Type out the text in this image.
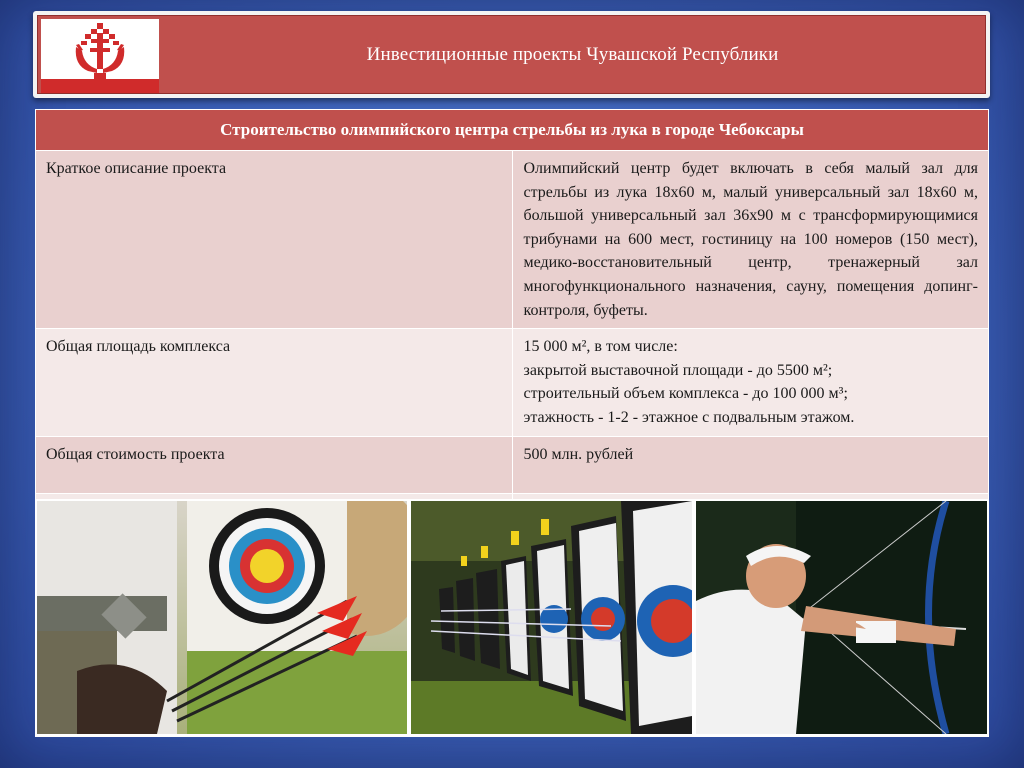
Инвестиционные проекты Чувашской Республики
Строительство олимпийского центра стрельбы из лука в городе Чебоксары	
Краткое описание проекта	Олимпийский центр будет включать в себя малый зал для стрельбы из лука 18х60 м, малый универсальный зал 18х60 м, большой универсальный зал 36х90 м с трансформирующимися трибунами на 600 мест, гостиницу на 100 номеров (150 мест), медико-восстановительный центр, тренажерный зал многофункционального назначения, сауну, помещения допинг-контроля, буфеты.
Общая площадь комплекса	15 000 м², в том числе:
закрытой выставочной площади - до 5500 м²;
строительный объем комплекса - до 100 000 м³;
этажность - 1-2 - этажное с подвальным этажом.

Общая стоимость проекта	500 млн. рублей
